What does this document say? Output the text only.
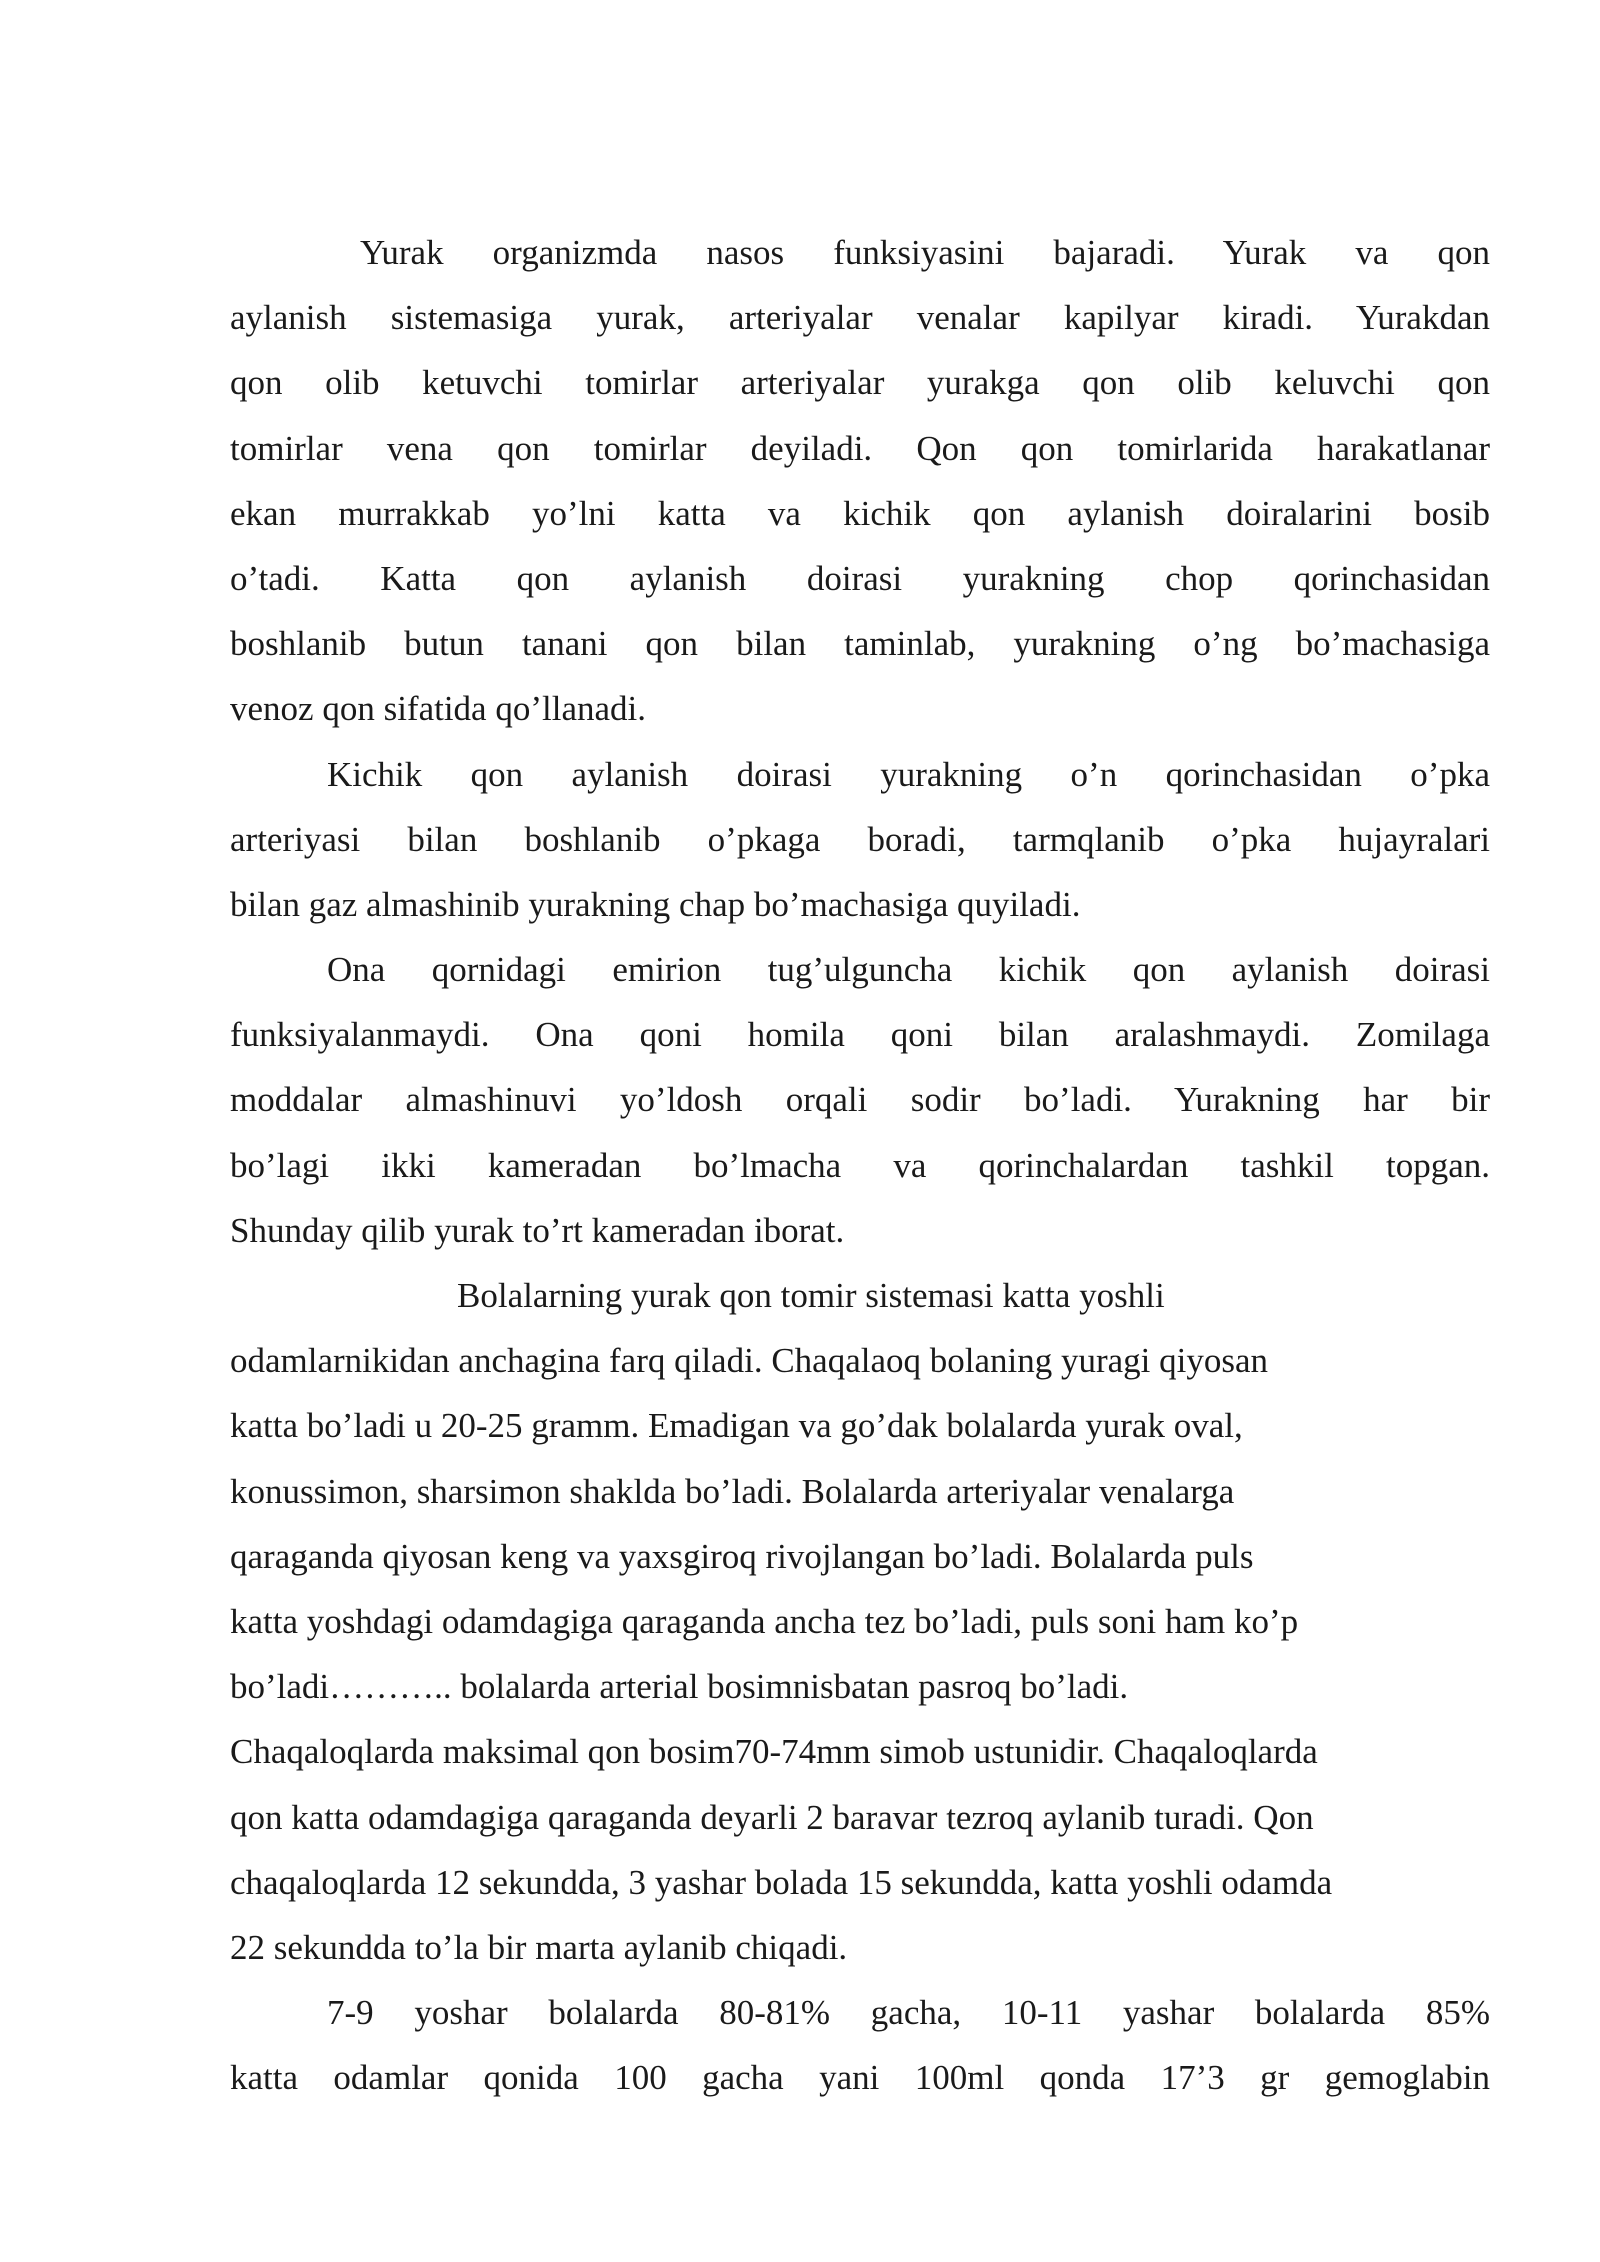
Yurak organizmda nasos funksiyasini bajaradi. Yurak va qon
aylanish sistemasiga yurak, arteriyalar venalar kapilyar kiradi. Yurakdan
qon olib ketuvchi tomirlar arteriyalar yurakga qon olib keluvchi qon
tomirlar vena qon tomirlar deyiladi. Qon qon tomirlarida harakatlanar
ekan murrakkab yo’lni katta va kichik qon aylanish doiralarini bosib
o’tadi. Katta qon aylanish doirasi yurakning chop qorinchasidan
boshlanib butun tanani qon bilan taminlab, yurakning o’ng bo’machasiga
venoz qon sifatida qo’llanadi.
Kichik qon aylanish doirasi yurakning o’n qorinchasidan o’pka
arteriyasi bilan boshlanib o’pkaga boradi, tarmqlanib o’pka hujayralari
bilan gaz almashinib yurakning chap bo’machasiga quyiladi.
Ona qornidagi emirion tug’ulguncha kichik qon aylanish doirasi
funksiyalanmaydi. Ona qoni homila qoni bilan aralashmaydi. Zomilaga
moddalar almashinuvi yo’ldosh orqali sodir bo’ladi. Yurakning har bir
bo’lagi ikki kameradan bo’lmacha va qorinchalardan tashkil topgan.
Shunday qilib yurak to’rt kameradan iborat.
Bolalarning yurak qon tomir sistemasi katta yoshli
odamlarnikidan anchagina farq qiladi. Chaqalaoq bolaning yuragi qiyosan
katta bo’ladi u 20-25 gramm. Emadigan va go’dak bolalarda yurak oval,
konussimon, sharsimon shaklda bo’ladi. Bolalarda arteriyalar venalarga
qaraganda qiyosan keng va yaxsgiroq rivojlangan bo’ladi. Bolalarda puls
katta yoshdagi odamdagiga qaraganda ancha tez bo’ladi, puls soni ham ko’p
bo’ladi……….. bolalarda arterial bosimnisbatan pasroq bo’ladi.
Chaqaloqlarda maksimal qon bosim70-74mm simob ustunidir. Chaqaloqlarda
qon katta odamdagiga qaraganda deyarli 2 baravar tezroq aylanib turadi. Qon
chaqaloqlarda 12 sekundda, 3 yashar bolada 15 sekundda, katta yoshli odamda
22 sekundda to’la bir marta aylanib chiqadi.
7-9 yoshar bolalarda 80-81% gacha, 10-11 yashar bolalarda 85%
katta odamlar qonida 100 gacha yani 100ml qonda 17’3 gr gemoglabin
